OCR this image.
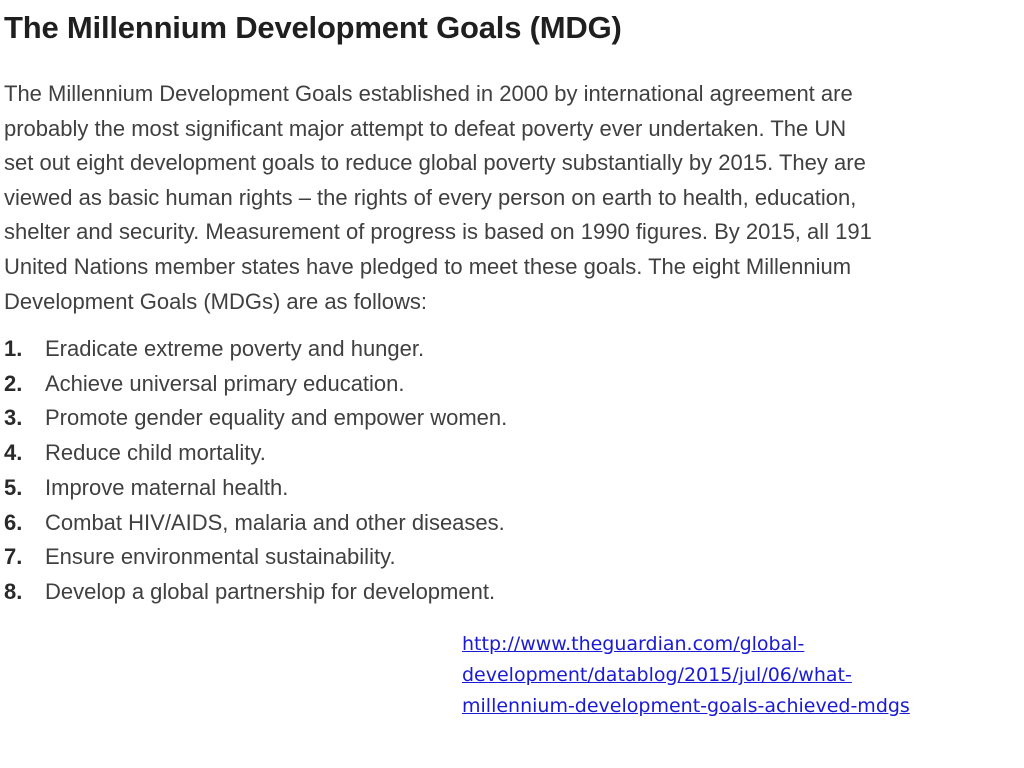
The Millennium Development Goals (MDG)

The Millennium Development Goals established in 2000 by international agreement are
probably the most significant major attempt to defeat poverty ever undertaken. The UN
set out eight development goals to reduce global poverty substantially by 2015. They are
viewed as basic human rights – the rights of every person on earth to health, education,
shelter and security. Measurement of progress is based on 1990 figures. By 2015, all 191
United Nations member states have pledged to meet these goals. The eight Millennium
Development Goals (MDGs) are as follows:

1.	Eradicate extreme poverty and hunger.
2.	Achieve universal primary education.
3.	Promote gender equality and empower women.
4.	Reduce child mortality.
5.	Improve maternal health.
6.	Combat HIV/AIDS, malaria and other diseases.
7.	Ensure environmental sustainability.
8.	Develop a global partnership for development.
http://www.theguardian.com/global-
development/datablog/2015/jul/06/what-
millennium-development-goals-achieved-mdgs
